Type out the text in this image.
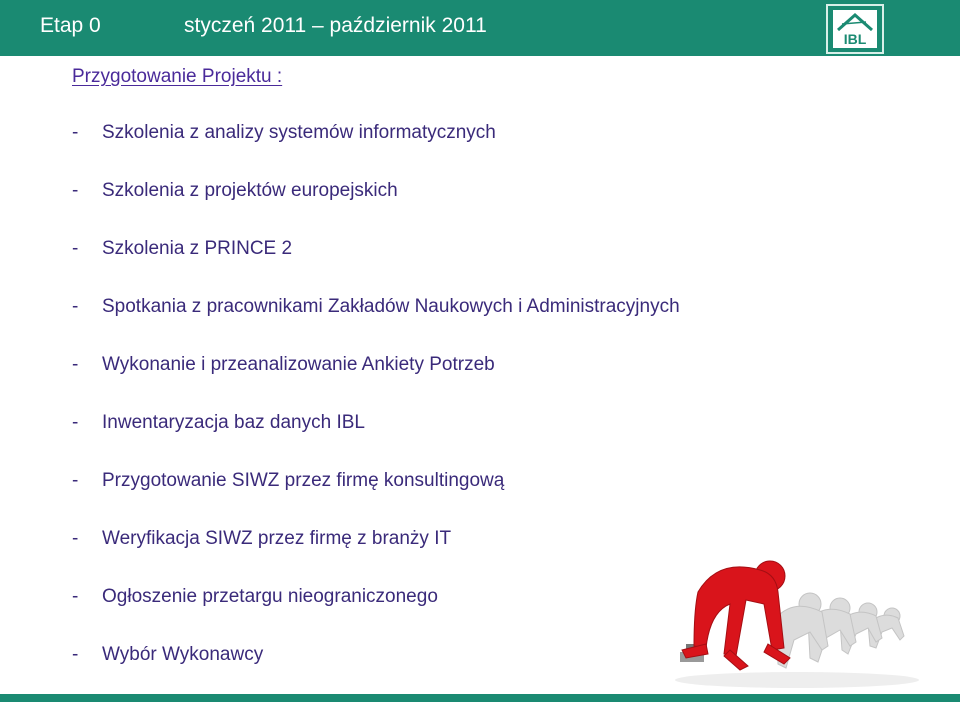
Etap 0	styczeń 2011 – październik 2011
IBL
Przygotowanie Projektu :
- Szkolenia z analizy systemów informatycznych
- Szkolenia z projektów europejskich
- Szkolenia z PRINCE 2
- Spotkania z pracownikami Zakładów Naukowych i Administracyjnych
- Wykonanie i przeanalizowanie Ankiety Potrzeb
- Inwentaryzacja baz danych IBL
- Przygotowanie SIWZ przez firmę konsultingową
- Weryfikacja SIWZ przez firmę z branży IT
- Ogłoszenie przetargu nieograniczonego
- Wybór Wykonawcy
